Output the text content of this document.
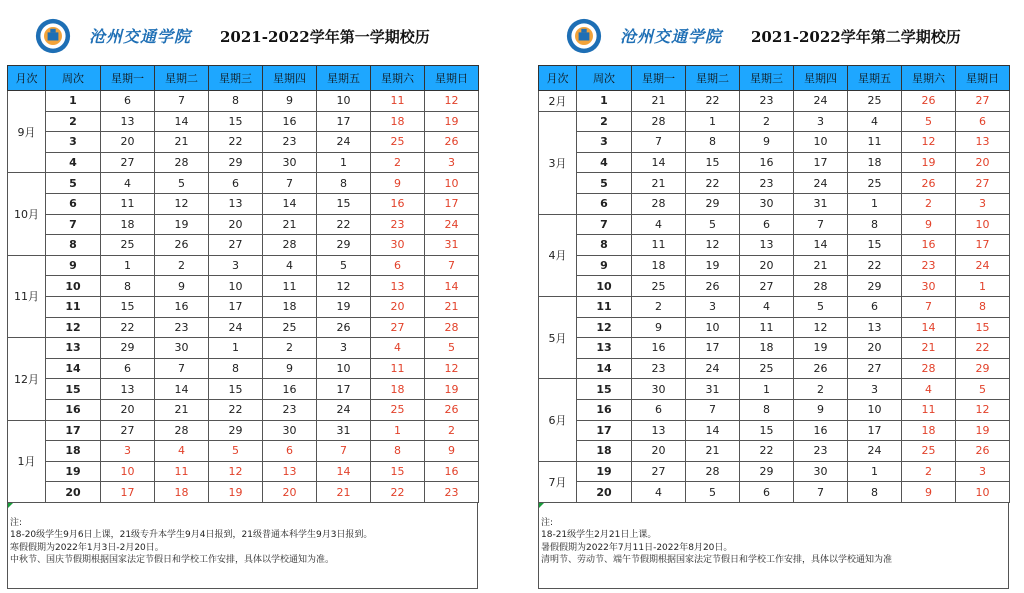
沧州交通学院 2021-2022学年第一学期校历
月次	周次	星期一	星期二	星期三	星期四	星期五	星期六	星期日
9月	1	6	7	8	9	10	11	12
	2	13	14	15	16	17	18	19
	3	20	21	22	23	24	25	26
	4	27	28	29	30	1	2	3
10月	5	4	5	6	7	8	9	10
	6	11	12	13	14	15	16	17
	7	18	19	20	21	22	23	24
	8	25	26	27	28	29	30	31
11月	9	1	2	3	4	5	6	7
	10	8	9	10	11	12	13	14
	11	15	16	17	18	19	20	21
	12	22	23	24	25	26	27	28
12月	13	29	30	1	2	3	4	5
	14	6	7	8	9	10	11	12
	15	13	14	15	16	17	18	19
	16	20	21	22	23	24	25	26
1月	17	27	28	29	30	31	1	2
	18	3	4	5	6	7	8	9
	19	10	11	12	13	14	15	16
	20	17	18	19	20	21	22	23
注:
18-20级学生9月6日上课，21级专升本学生9月4日报到，21级普通本科学生9月3日报到。
寒假假期为2022年1月3日-2月20日。
中秋节、国庆节假期根据国家法定节假日和学校工作安排，具体以学校通知为准。
沧州交通学院 2021-2022学年第二学期校历
月次	周次	星期一	星期二	星期三	星期四	星期五	星期六	星期日
2月	1	21	22	23	24	25	26	27
3月	2	28	1	2	3	4	5	6
	3	7	8	9	10	11	12	13
	4	14	15	16	17	18	19	20
	5	21	22	23	24	25	26	27
	6	28	29	30	31	1	2	3
4月	7	4	5	6	7	8	9	10
	8	11	12	13	14	15	16	17
	9	18	19	20	21	22	23	24
	10	25	26	27	28	29	30	1
5月	11	2	3	4	5	6	7	8
	12	9	10	11	12	13	14	15
	13	16	17	18	19	20	21	22
	14	23	24	25	26	27	28	29
6月	15	30	31	1	2	3	4	5
	16	6	7	8	9	10	11	12
	17	13	14	15	16	17	18	19
	18	20	21	22	23	24	25	26
7月	19	27	28	29	30	1	2	3
	20	4	5	6	7	8	9	10
注:
18-21级学生2月21日上课。
暑假假期为2022年7月11日-2022年8月20日。
清明节、劳动节、端午节假期根据国家法定节假日和学校工作安排，具体以学校通知为准
